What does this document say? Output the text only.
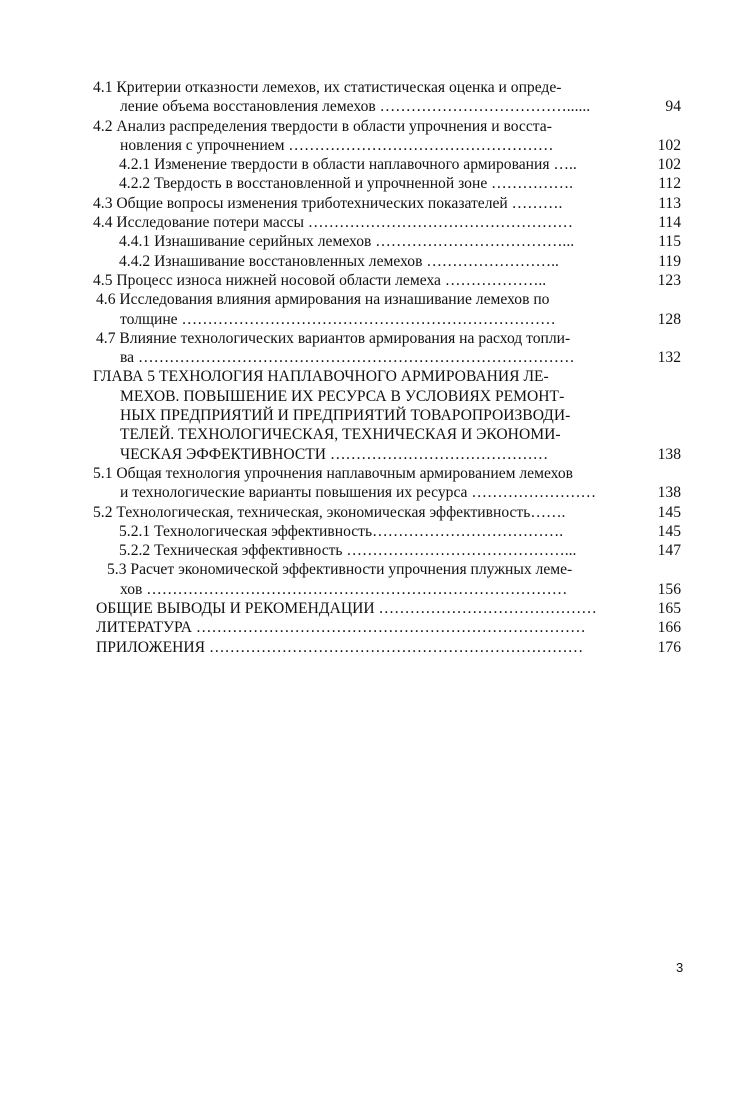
4.1 Критерии отказности лемехов, их статистическая оценка и опреде-
ление объема восстановления лемехов ………………………………......	94
4.2 Анализ распределения твердости в области упрочнения и восста-
новления с упрочнением ……………………………………………	102
4.2.1 Изменение твердости в области наплавочного армирования …..	102
4.2.2 Твердость в восстановленной и упрочненной зоне …………….	112
4.3 Общие вопросы изменения триботехнических показателей ……….	113
4.4 Исследование потери массы ……………………………………………	114
4.4.1 Изнашивание серийных лемехов ………………………………...	115
4.4.2 Изнашивание восстановленных лемехов ……………………..	119
4.5 Процесс износа нижней носовой области лемеха ………………..	123
4.6 Исследования влияния армирования на изнашивание лемехов по
толщине ………………………………………………………………	128
4.7 Влияние технологических вариантов армирования на расход топли-
ва …………………………………………………………………………	132
ГЛАВА 5 ТЕХНОЛОГИЯ НАПЛАВОЧНОГО АРМИРОВАНИЯ ЛЕ-
МЕХОВ. ПОВЫШЕНИЕ ИХ РЕСУРСА В УСЛОВИЯХ РЕМОНТ-
НЫХ ПРЕДПРИЯТИЙ И ПРЕДПРИЯТИЙ ТОВАРОПРОИЗВОДИ-
ТЕЛЕЙ. ТЕХНОЛОГИЧЕСКАЯ, ТЕХНИЧЕСКАЯ И ЭКОНОМИ-
ЧЕСКАЯ ЭФФЕКТИВНОСТИ ……………………………………	138
5.1 Общая технология упрочнения наплавочным армированием лемехов
и технологические варианты повышения их ресурса ……………………	138
5.2 Технологическая, техническая, экономическая эффективность…….	145
5.2.1 Технологическая эффективность……………………………….	145
5.2.2 Техническая эффективность ……………………………………...	147
5.3 Расчет экономической эффективности упрочнения плужных леме-
хов ………………………………………………………………………	156
ОБЩИЕ ВЫВОДЫ И РЕКОМЕНДАЦИИ ……………………………………	165
ЛИТЕРАТУРА …………………………………………………………………	166
ПРИЛОЖЕНИЯ ………………………………………………………………	176
3
